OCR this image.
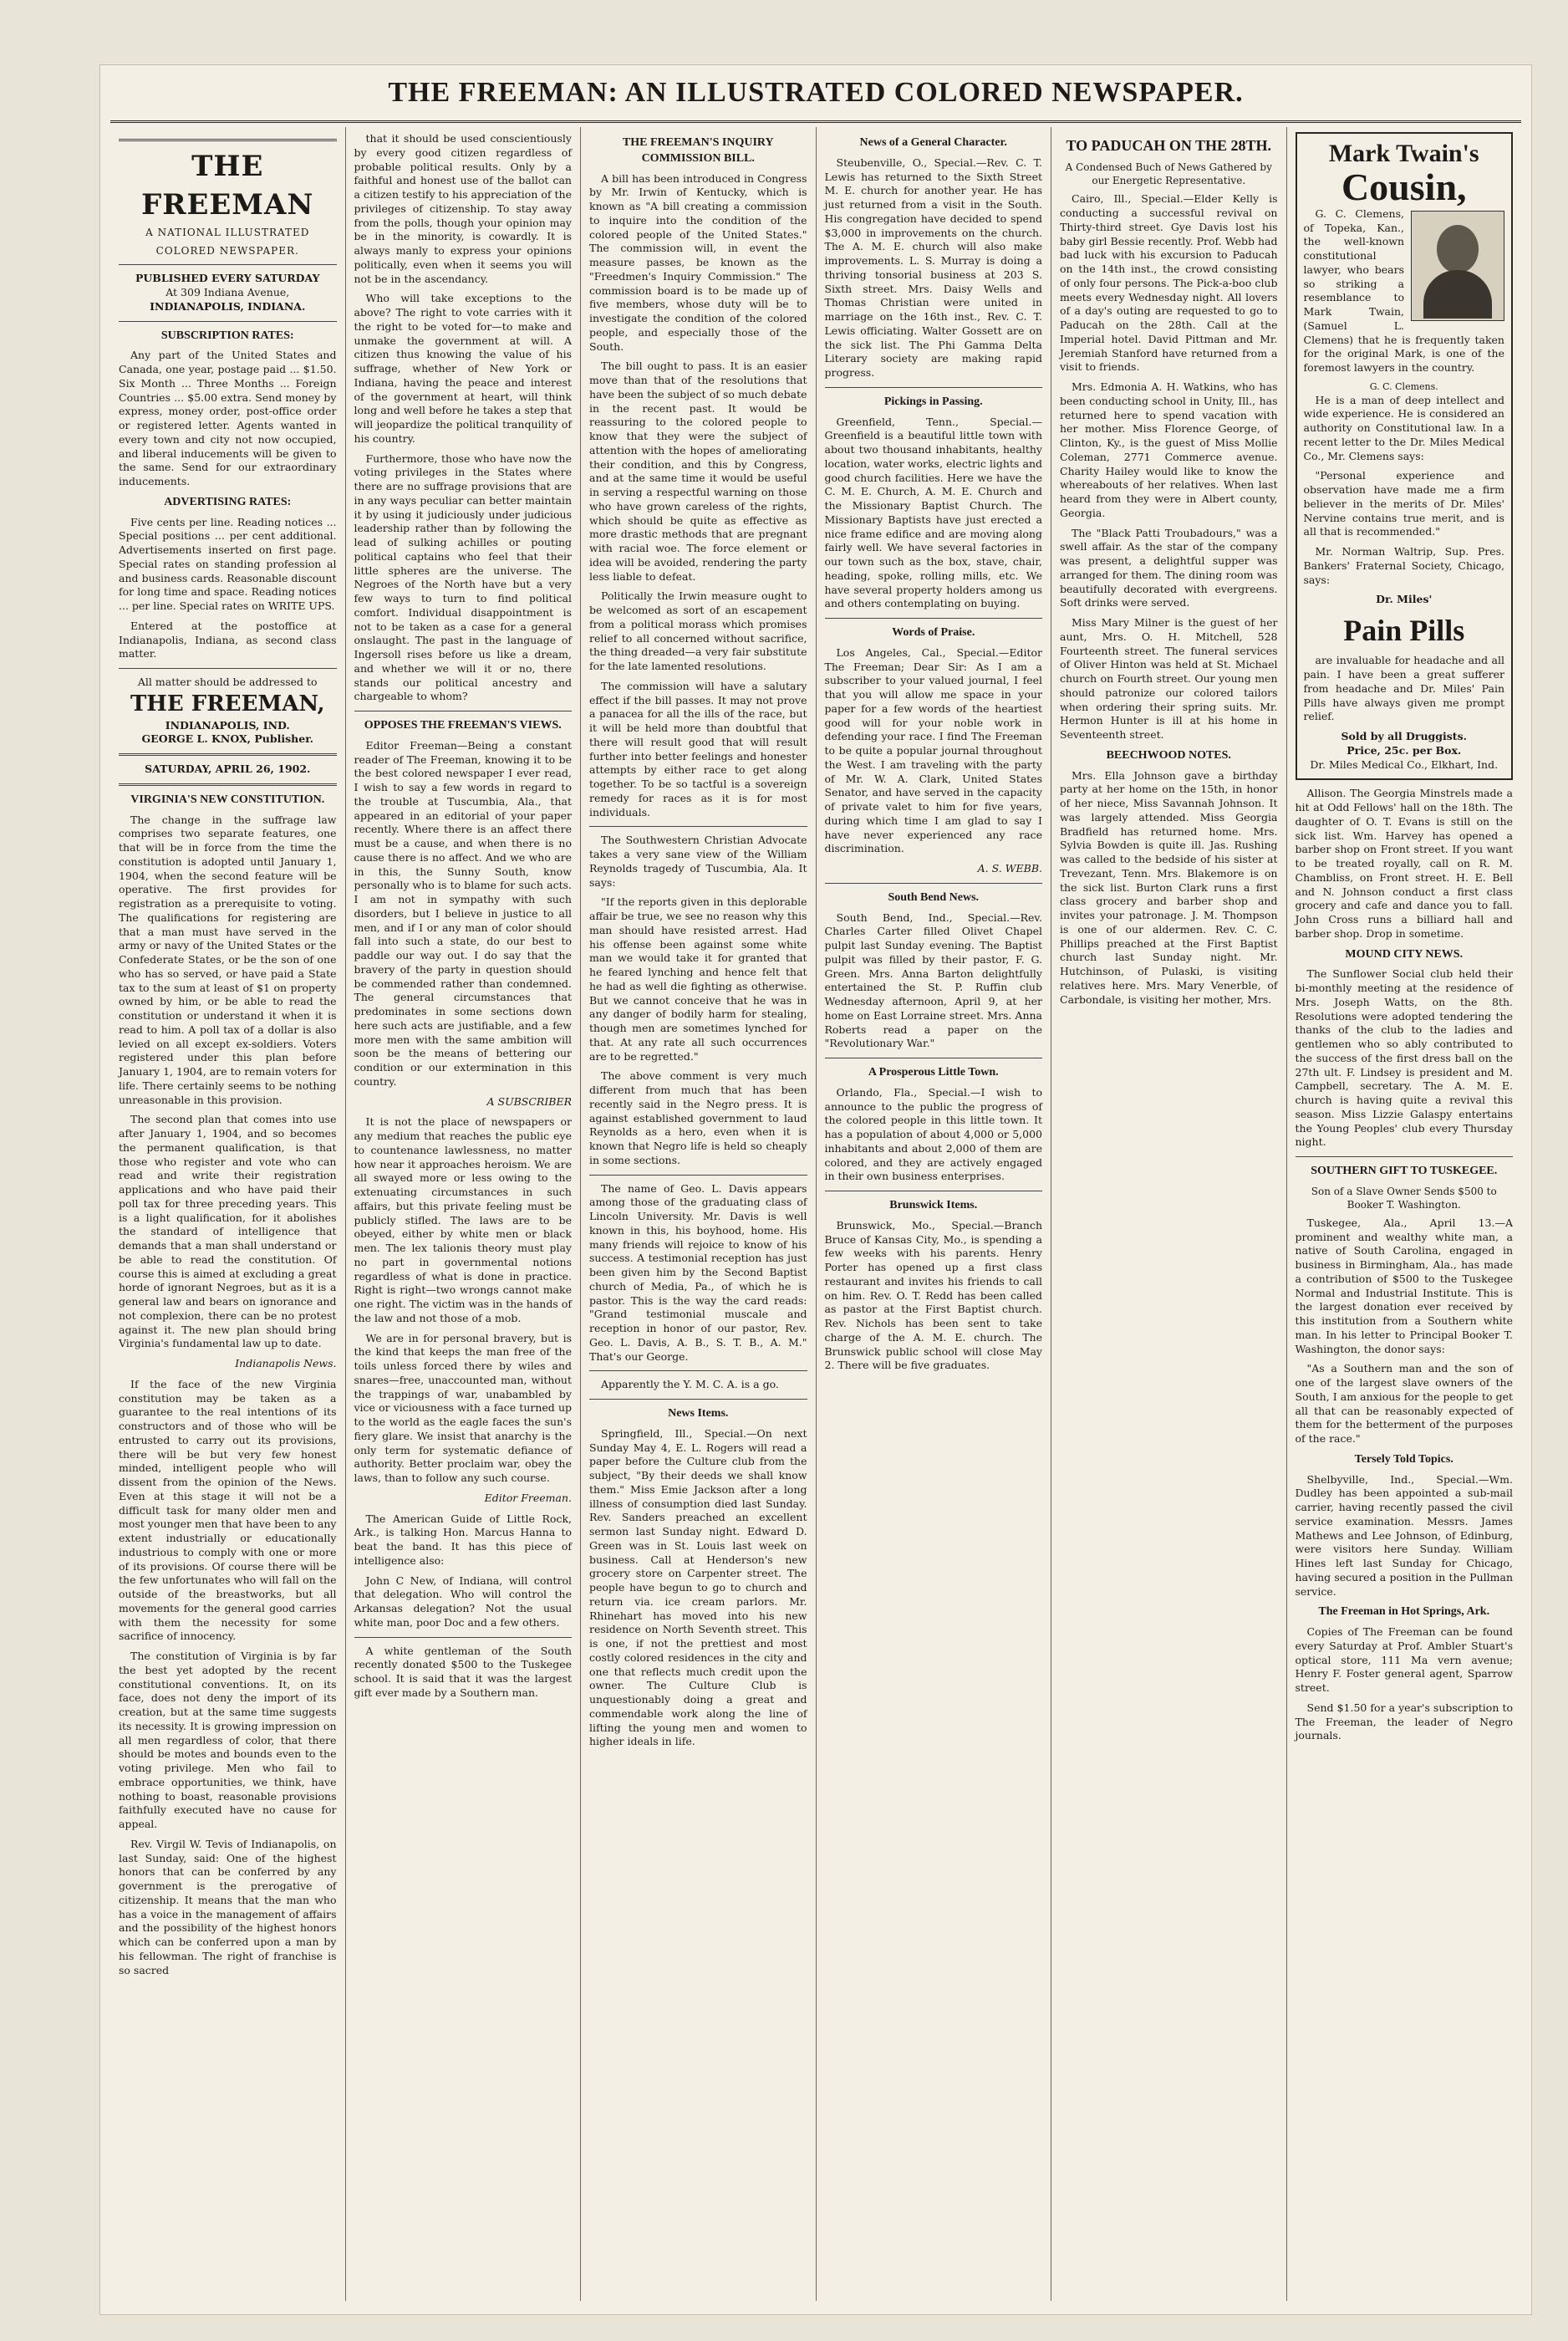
THE FREEMAN: AN ILLUSTRATED COLORED NEWSPAPER.
THE FREEMAN
A NATIONAL ILLUSTRATED
COLORED NEWSPAPER.
PUBLISHED EVERY SATURDAY
At 309 Indiana Avenue,
INDIANAPOLIS, INDIANA.
SUBSCRIPTION RATES:

Any part of the United States and Canada, one year, postage paid ... $1.50. Six Month ... Three Months ... Foreign Countries ... $5.00 extra. Send money by express, money order, post-office order or registered letter. Agents wanted in every town and city not now occupied, and liberal inducements will be given to the same. Send for our extraordinary inducements.

ADVERTISING RATES:

Five cents per line. Reading notices ... Special positions ... per cent additional. Advertisements inserted on first page. Special rates on standing profession al and business cards. Reasonable discount for long time and space. Reading notices ... per line. Special rates on WRITE UPS.

Entered at the postoffice at Indianapolis, Indiana, as second class matter.

All matter should be addressed to
THE FREEMAN,
INDIANAPOLIS, IND.
GEORGE L. KNOX, Publisher.
SATURDAY, APRIL 26, 1902.
VIRGINIA'S NEW CONSTITUTION.

The change in the suffrage law comprises two separate features, one that will be in force from the time the constitution is adopted until January 1, 1904, when the second feature will be operative. The first provides for registration as a prerequisite to voting. The qualifications for registering are that a man must have served in the army or navy of the United States or the Confederate States, or be the son of one who has so served, or have paid a State tax to the sum at least of $1 on property owned by him, or be able to read the constitution or understand it when it is read to him. A poll tax of a dollar is also levied on all except ex-soldiers. Voters registered under this plan before January 1, 1904, are to remain voters for life. There certainly seems to be nothing unreasonable in this provision.

The second plan that comes into use after January 1, 1904, and so becomes the permanent qualification, is that those who register and vote who can read and write their registration applications and who have paid their poll tax for three preceding years. This is a light qualification, for it abolishes the standard of intelligence that demands that a man shall understand or be able to read the constitution. Of course this is aimed at excluding a great horde of ignorant Negroes, but as it is a general law and bears on ignorance and not complexion, there can be no protest against it. The new plan should bring Virginia's fundamental law up to date.

Indianapolis News.

If the face of the new Virginia constitution may be taken as a guarantee to the real intentions of its constructors and of those who will be entrusted to carry out its provisions, there will be but very few honest minded, intelligent people who will dissent from the opinion of the News. Even at this stage it will not be a difficult task for many older men and most younger men that have been to any extent industrially or educationally industrious to comply with one or more of its provisions. Of course there will be the few unfortunates who will fall on the outside of the breastworks, but all movements for the general good carries with them the necessity for some sacrifice of innocency.

The constitution of Virginia is by far the best yet adopted by the recent constitutional conventions. It, on its face, does not deny the import of its creation, but at the same time suggests its necessity. It is growing impression on all men regardless of color, that there should be motes and bounds even to the voting privilege. Men who fail to embrace opportunities, we think, have nothing to boast, reasonable provisions faithfully executed have no cause for appeal.

Rev. Virgil W. Tevis of Indianapolis, on last Sunday, said: One of the highest honors that can be conferred by any government is the prerogative of citizenship. It means that the man who has a voice in the management of affairs and the possibility of the highest honors which can be conferred upon a man by his fellowman. The right of franchise is so sacred

that it should be used conscientiously by every good citizen regardless of probable political results. Only by a faithful and honest use of the ballot can a citizen testify to his appreciation of the privileges of citizenship. To stay away from the polls, though your opinion may be in the minority, is cowardly. It is always manly to express your opinions politically, even when it seems you will not be in the ascendancy.

Who will take exceptions to the above? The right to vote carries with it the right to be voted for—to make and unmake the government at will. A citizen thus knowing the value of his suffrage, whether of New York or Indiana, having the peace and interest of the government at heart, will think long and well before he takes a step that will jeopardize the political tranquility of his country.

Furthermore, those who have now the voting privileges in the States where there are no suffrage provisions that are in any ways peculiar can better maintain it by using it judiciously under judicious leadership rather than by following the lead of sulking achilles or pouting political captains who feel that their little spheres are the universe. The Negroes of the North have but a very few ways to turn to find political comfort. Individual disappointment is not to be taken as a case for a general onslaught. The past in the language of Ingersoll rises before us like a dream, and whether we will it or no, there stands our political ancestry and chargeable to whom?

OPPOSES THE FREEMAN'S VIEWS.

Editor Freeman—Being a constant reader of The Freeman, knowing it to be the best colored newspaper I ever read, I wish to say a few words in regard to the trouble at Tuscumbia, Ala., that appeared in an editorial of your paper recently. Where there is an affect there must be a cause, and when there is no cause there is no affect. And we who are in this, the Sunny South, know personally who is to blame for such acts. I am not in sympathy with such disorders, but I believe in justice to all men, and if I or any man of color should fall into such a state, do our best to paddle our way out. I do say that the bravery of the party in question should be commended rather than condemned. The general circumstances that predominates in some sections down here such acts are justifiable, and a few more men with the same ambition will soon be the means of bettering our condition or our extermination in this country.

A SUBSCRIBER

It is not the place of newspapers or any medium that reaches the public eye to countenance lawlessness, no matter how near it approaches heroism. We are all swayed more or less owing to the extenuating circumstances in such affairs, but this private feeling must be publicly stifled. The laws are to be obeyed, either by white men or black men. The lex talionis theory must play no part in governmental notions regardless of what is done in practice. Right is right—two wrongs cannot make one right. The victim was in the hands of the law and not those of a mob.

We are in for personal bravery, but is the kind that keeps the man free of the toils unless forced there by wiles and snares—free, unaccounted man, without the trappings of war, unabambled by vice or viciousness with a face turned up to the world as the eagle faces the sun's fiery glare. We insist that anarchy is the only term for systematic defiance of authority. Better proclaim war, obey the laws, than to follow any such course.

Editor Freeman.

The American Guide of Little Rock, Ark., is talking Hon. Marcus Hanna to beat the band. It has this piece of intelligence also:

John C New, of Indiana, will control that delegation. Who will control the Arkansas delegation? Not the usual white man, poor Doc and a few others.

A white gentleman of the South recently donated $500 to the Tuskegee school. It is said that it was the largest gift ever made by a Southern man.

THE FREEMAN'S INQUIRY COMMISSION BILL.

A bill has been introduced in Congress by Mr. Irwin of Kentucky, which is known as "A bill creating a commission to inquire into the condition of the colored people of the United States." The commission will, in event the measure passes, be known as the "Freedmen's Inquiry Commission." The commission board is to be made up of five members, whose duty will be to investigate the condition of the colored people, and especially those of the South.

The bill ought to pass. It is an easier move than that of the resolutions that have been the subject of so much debate in the recent past. It would be reassuring to the colored people to know that they were the subject of attention with the hopes of ameliorating their condition, and this by Congress, and at the same time it would be useful in serving a respectful warning on those who have grown careless of the rights, which should be quite as effective as more drastic methods that are pregnant with racial woe. The force element or idea will be avoided, rendering the party less liable to defeat.

Politically the Irwin measure ought to be welcomed as sort of an escapement from a political morass which promises relief to all concerned without sacrifice, the thing dreaded—a very fair substitute for the late lamented resolutions.

The commission will have a salutary effect if the bill passes. It may not prove a panacea for all the ills of the race, but it will be held more than doubtful that there will result good that will result further into better feelings and honester attempts by either race to get along together. To be so tactful is a sovereign remedy for races as it is for most individuals.

The Southwestern Christian Advocate takes a very sane view of the William Reynolds tragedy of Tuscumbia, Ala. It says:

"If the reports given in this deplorable affair be true, we see no reason why this man should have resisted arrest. Had his offense been against some white man we would take it for granted that he feared lynching and hence felt that he had as well die fighting as otherwise. But we cannot conceive that he was in any danger of bodily harm for stealing, though men are sometimes lynched for that. At any rate all such occurrences are to be regretted."

The above comment is very much different from much that has been recently said in the Negro press. It is against established government to laud Reynolds as a hero, even when it is known that Negro life is held so cheaply in some sections.

The name of Geo. L. Davis appears among those of the graduating class of Lincoln University. Mr. Davis is well known in this, his boyhood, home. His many friends will rejoice to know of his success. A testimonial reception has just been given him by the Second Baptist church of Media, Pa., of which he is pastor. This is the way the card reads: "Grand testimonial muscale and reception in honor of our pastor, Rev. Geo. L. Davis, A. B., S. T. B., A. M." That's our George.

Apparently the Y. M. C. A. is a go.

News Items.

Springfield, Ill., Special.—On next Sunday May 4, E. L. Rogers will read a paper before the Culture club from the subject, "By their deeds we shall know them." Miss Emie Jackson after a long illness of consumption died last Sunday. Rev. Sanders preached an excellent sermon last Sunday night. Edward D. Green was in St. Louis last week on business. Call at Henderson's new grocery store on Carpenter street. The people have begun to go to church and return via. ice cream parlors. Mr. Rhinehart has moved into his new residence on North Seventh street. This is one, if not the prettiest and most costly colored residences in the city and one that reflects much credit upon the owner. The Culture Club is unquestionably doing a great and commendable work along the line of lifting the young men and women to higher ideals in life.

News of a General Character.

Steubenville, O., Special.—Rev. C. T. Lewis has returned to the Sixth Street M. E. church for another year. He has just returned from a visit in the South. His congregation have decided to spend $3,000 in improvements on the church. The A. M. E. church will also make improvements. L. S. Murray is doing a thriving tonsorial business at 203 S. Sixth street. Mrs. Daisy Wells and Thomas Christian were united in marriage on the 16th inst., Rev. C. T. Lewis officiating. Walter Gossett are on the sick list. The Phi Gamma Delta Literary society are making rapid progress.

Pickings in Passing.

Greenfield, Tenn., Special.—Greenfield is a beautiful little town with about two thousand inhabitants, healthy location, water works, electric lights and good church facilities. Here we have the C. M. E. Church, A. M. E. Church and the Missionary Baptist Church. The Missionary Baptists have just erected a nice frame edifice and are moving along fairly well. We have several factories in our town such as the box, stave, chair, heading, spoke, rolling mills, etc. We have several property holders among us and others contemplating on buying.

Words of Praise.

Los Angeles, Cal., Special.—Editor The Freeman; Dear Sir: As I am a subscriber to your valued journal, I feel that you will allow me space in your paper for a few words of the heartiest good will for your noble work in defending your race. I find The Freeman to be quite a popular journal throughout the West. I am traveling with the party of Mr. W. A. Clark, United States Senator, and have served in the capacity of private valet to him for five years, during which time I am glad to say I have never experienced any race discrimination.

A. S. WEBB.
South Bend News.

South Bend, Ind., Special.—Rev. Charles Carter filled Olivet Chapel pulpit last Sunday evening. The Baptist pulpit was filled by their pastor, F. G. Green. Mrs. Anna Barton delightfully entertained the St. P. Ruffin club Wednesday afternoon, April 9, at her home on East Lorraine street. Mrs. Anna Roberts read a paper on the "Revolutionary War."

A Prosperous Little Town.

Orlando, Fla., Special.—I wish to announce to the public the progress of the colored people in this little town. It has a population of about 4,000 or 5,000 inhabitants and about 2,000 of them are colored, and they are actively engaged in their own business enterprises.

Brunswick Items.

Brunswick, Mo., Special.—Branch Bruce of Kansas City, Mo., is spending a few weeks with his parents. Henry Porter has opened up a first class restaurant and invites his friends to call on him. Rev. O. T. Redd has been called as pastor at the First Baptist church. Rev. Nichols has been sent to take charge of the A. M. E. church. The Brunswick public school will close May 2. There will be five graduates.

TO PADUCAH ON THE 28TH.
A Condensed Buch of News Gathered by our Energetic Representative.

Cairo, Ill., Special.—Elder Kelly is conducting a successful revival on Thirty-third street. Gye Davis lost his baby girl Bessie recently. Prof. Webb had bad luck with his excursion to Paducah on the 14th inst., the crowd consisting of only four persons. The Pick-a-boo club meets every Wednesday night. All lovers of a day's outing are requested to go to Paducah on the 28th. Call at the Imperial hotel. David Pittman and Mr. Jeremiah Stanford have returned from a visit to friends.

Mrs. Edmonia A. H. Watkins, who has been conducting school in Unity, Ill., has returned here to spend vacation with her mother. Miss Florence George, of Clinton, Ky., is the guest of Miss Mollie Coleman, 2771 Commerce avenue. Charity Hailey would like to know the whereabouts of her relatives. When last heard from they were in Albert county, Georgia.

The "Black Patti Troubadours," was a swell affair. As the star of the company was present, a delightful supper was arranged for them. The dining room was beautifully decorated with evergreens. Soft drinks were served.

Miss Mary Milner is the guest of her aunt, Mrs. O. H. Mitchell, 528 Fourteenth street. The funeral services of Oliver Hinton was held at St. Michael church on Fourth street. Our young men should patronize our colored tailors when ordering their spring suits. Mr. Hermon Hunter is ill at his home in Seventeenth street.

BEECHWOOD NOTES.

Mrs. Ella Johnson gave a birthday party at her home on the 15th, in honor of her niece, Miss Savannah Johnson. It was largely attended. Miss Georgia Bradfield has returned home. Mrs. Sylvia Bowden is quite ill. Jas. Rushing was called to the bedside of his sister at Trevezant, Tenn. Mrs. Blakemore is on the sick list. Burton Clark runs a first class grocery and barber shop and invites your patronage. J. M. Thompson is one of our aldermen. Rev. C. C. Phillips preached at the First Baptist church last Sunday night. Mr. Hutchinson, of Pulaski, is visiting relatives here. Mrs. Mary Venerble, of Carbondale, is visiting her mother, Mrs.

Mark Twain's
Cousin,

G. C. Clemens, of Topeka, Kan., the well-known constitutional lawyer, who bears so striking a resemblance to Mark Twain, (Samuel L. Clemens) that he is frequently taken for the original Mark, is one of the foremost lawyers in the country.

G. C. Clemens.

He is a man of deep intellect and wide experience. He is considered an authority on Constitutional law. In a recent letter to the Dr. Miles Medical Co., Mr. Clemens says:

"Personal experience and observation have made me a firm believer in the merits of Dr. Miles' Nervine contains true merit, and is all that is recommended."

Mr. Norman Waltrip, Sup. Pres. Bankers' Fraternal Society, Chicago, says:

Dr. Miles'
Pain Pills

are invaluable for headache and all pain. I have been a great sufferer from headache and Dr. Miles' Pain Pills have always given me prompt relief.

Sold by all Druggists.
Price, 25c. per Box.
Dr. Miles Medical Co., Elkhart, Ind.

Allison. The Georgia Minstrels made a hit at Odd Fellows' hall on the 18th. The daughter of O. T. Evans is still on the sick list. Wm. Harvey has opened a barber shop on Front street. If you want to be treated royally, call on R. M. Chambliss, on Front street. H. E. Bell and N. Johnson conduct a first class grocery and cafe and dance you to fall. John Cross runs a billiard hall and barber shop. Drop in sometime.

MOUND CITY NEWS.

The Sunflower Social club held their bi-monthly meeting at the residence of Mrs. Joseph Watts, on the 8th. Resolutions were adopted tendering the thanks of the club to the ladies and gentlemen who so ably contributed to the success of the first dress ball on the 27th ult. F. Lindsey is president and M. Campbell, secretary. The A. M. E. church is having quite a revival this season. Miss Lizzie Galaspy entertains the Young Peoples' club every Thursday night.

SOUTHERN GIFT TO TUSKEGEE.
Son of a Slave Owner Sends $500 to Booker T. Washington.

Tuskegee, Ala., April 13.—A prominent and wealthy white man, a native of South Carolina, engaged in business in Birmingham, Ala., has made a contribution of $500 to the Tuskegee Normal and Industrial Institute. This is the largest donation ever received by this institution from a Southern white man. In his letter to Principal Booker T. Washington, the donor says:

"As a Southern man and the son of one of the largest slave owners of the South, I am anxious for the people to get all that can be reasonably expected of them for the betterment of the purposes of the race."

Tersely Told Topics.

Shelbyville, Ind., Special.—Wm. Dudley has been appointed a sub-mail carrier, having recently passed the civil service examination. Messrs. James Mathews and Lee Johnson, of Edinburg, were visitors here Sunday. William Hines left last Sunday for Chicago, having secured a position in the Pullman service.

The Freeman in Hot Springs, Ark.

Copies of The Freeman can be found every Saturday at Prof. Ambler Stuart's optical store, 111 Ma vern avenue; Henry F. Foster general agent, Sparrow street.

Send $1.50 for a year's subscription to The Freeman, the leader of Negro journals.
